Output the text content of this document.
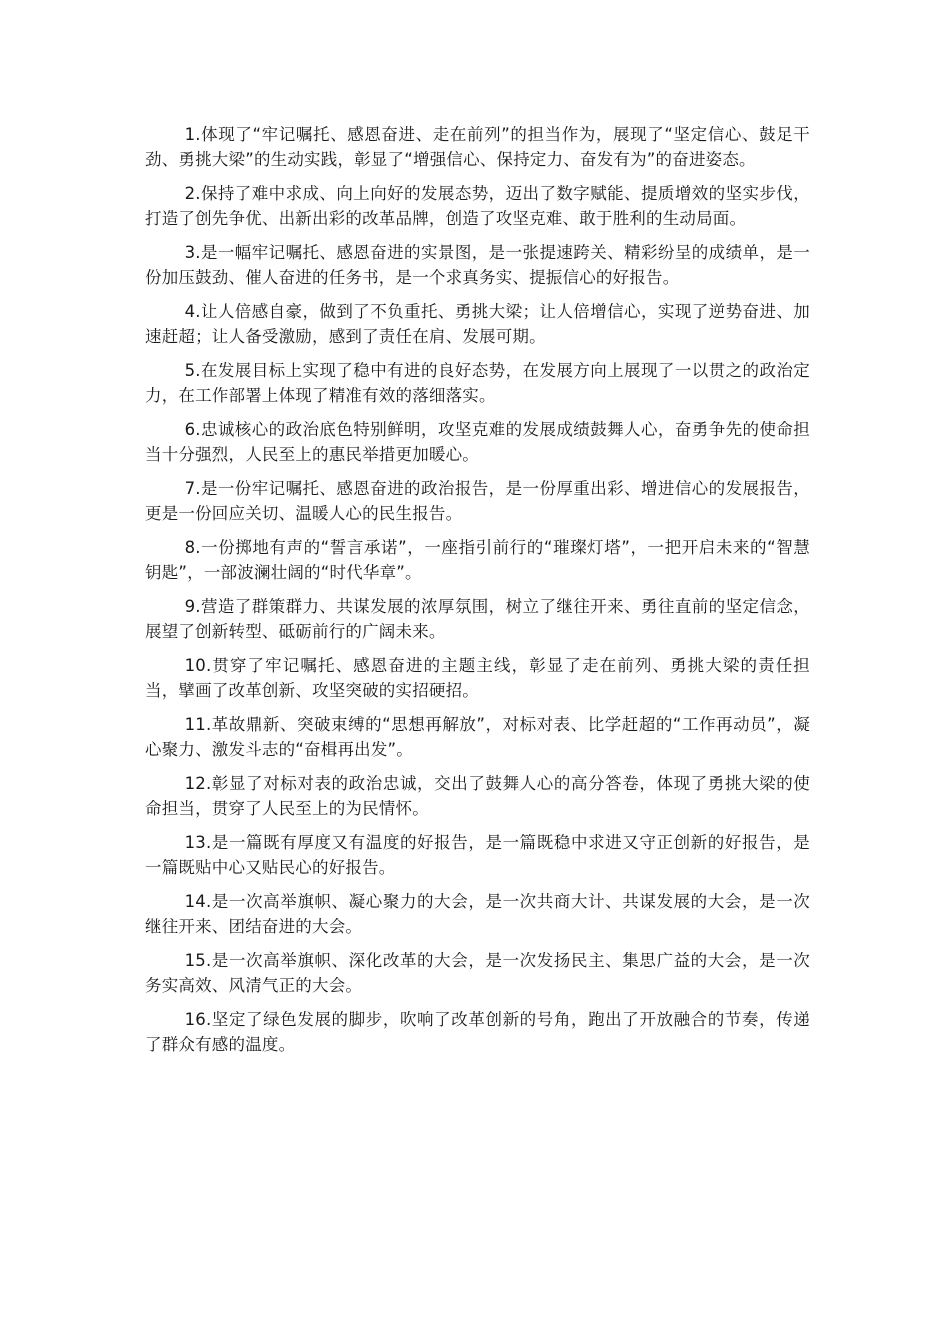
1.体现了“牢记嘱托、感恩奋进、走在前列”的担当作为，展现了“坚定信心、鼓足干劲、勇挑大梁”的生动实践，彰显了“增强信心、保持定力、奋发有为”的奋进姿态。

2.保持了难中求成、向上向好的发展态势，迈出了数字赋能、提质增效的坚实步伐，打造了创先争优、出新出彩的改革品牌，创造了攻坚克难、敢于胜利的生动局面。

3.是一幅牢记嘱托、感恩奋进的实景图，是一张提速跨关、精彩纷呈的成绩单，是一份加压鼓劲、催人奋进的任务书，是一个求真务实、提振信心的好报告。

4.让人倍感自豪，做到了不负重托、勇挑大梁；让人倍增信心，实现了逆势奋进、加速赶超；让人备受激励，感到了责任在肩、发展可期。

5.在发展目标上实现了稳中有进的良好态势，在发展方向上展现了一以贯之的政治定力，在工作部署上体现了精准有效的落细落实。

6.忠诚核心的政治底色特别鲜明，攻坚克难的发展成绩鼓舞人心，奋勇争先的使命担当十分强烈，人民至上的惠民举措更加暖心。

7.是一份牢记嘱托、感恩奋进的政治报告，是一份厚重出彩、增进信心的发展报告，更是一份回应关切、温暖人心的民生报告。

8.一份掷地有声的“誓言承诺”，一座指引前行的“璀璨灯塔”，一把开启未来的“智慧钥匙”，一部波澜壮阔的“时代华章”。

9.营造了群策群力、共谋发展的浓厚氛围，树立了继往开来、勇往直前的坚定信念，展望了创新转型、砥砺前行的广阔未来。

10.贯穿了牢记嘱托、感恩奋进的主题主线，彰显了走在前列、勇挑大梁的责任担当，擘画了改革创新、攻坚突破的实招硬招。

11.革故鼎新、突破束缚的“思想再解放”，对标对表、比学赶超的“工作再动员”，凝心聚力、激发斗志的“奋楫再出发”。

12.彰显了对标对表的政治忠诚，交出了鼓舞人心的高分答卷，体现了勇挑大梁的使命担当，贯穿了人民至上的为民情怀。

13.是一篇既有厚度又有温度的好报告，是一篇既稳中求进又守正创新的好报告，是一篇既贴中心又贴民心的好报告。

14.是一次高举旗帜、凝心聚力的大会，是一次共商大计、共谋发展的大会，是一次继往开来、团结奋进的大会。

15.是一次高举旗帜、深化改革的大会，是一次发扬民主、集思广益的大会，是一次务实高效、风清气正的大会。

16.坚定了绿色发展的脚步，吹响了改革创新的号角，跑出了开放融合的节奏，传递了群众有感的温度。
